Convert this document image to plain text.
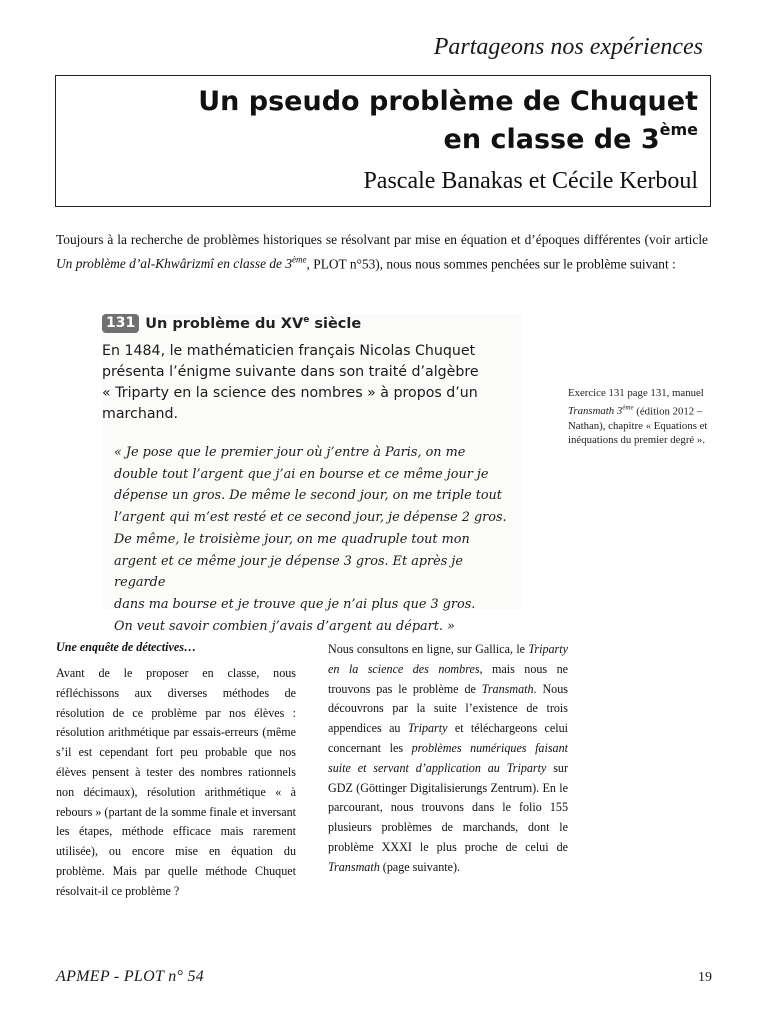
Partageons nos expériences
Un pseudo problème de Chuquet
en classe de 3ème
Pascale Banakas et Cécile Kerboul

Toujours à la recherche de problèmes historiques se résolvant par mise en équation et d’époques différentes (voir article Un problème d’al-Khwârizmî en classe de 3ème, PLOT n°53), nous nous sommes penchées sur le problème suivant :

131 Un problème du XVe siècle

En 1484, le mathématicien français Nicolas Chuquet
présenta l’énigme suivante dans son traité d’algèbre
« Triparty en la science des nombres » à propos d’un
marchand.

« Je pose que le premier jour où j’entre à Paris, on me
double tout l’argent que j’ai en bourse et ce même jour je
dépense un gros. De même le second jour, on me triple tout
l’argent qui m’est resté et ce second jour, je dépense 2 gros.
De même, le troisième jour, on me quadruple tout mon
argent et ce même jour je dépense 3 gros. Et après je regarde
dans ma bourse et je trouve que je n’ai plus que 3 gros.
On veut savoir combien j’avais d’argent au départ. »

Exercice 131 page 131, manuel Transmath 3ème (édition 2012 – Nathan), chapitre « Equations et inéquations du premier degré ».

Une enquête de détectives…

Avant de le proposer en classe, nous réfléchissons aux diverses méthodes de résolution de ce problème par nos élèves : résolution arithmétique par essais-erreurs (même s’il est cependant fort peu probable que nos élèves pensent à tester des nombres rationnels non décimaux), résolution arithmétique « à rebours » (partant de la somme finale et inversant les étapes, méthode efficace mais rarement utilisée), ou encore mise en équation du problème. Mais par quelle méthode Chuquet résolvait-il ce problème ?

Nous consultons en ligne, sur Gallica, le Triparty en la science des nombres, mais nous ne trouvons pas le problème de Transmath. Nous découvrons par la suite l’existence de trois appendices au Triparty et téléchargeons celui concernant les problèmes numériques faisant suite et servant d’application au Triparty sur GDZ (Göttinger Digitalisierungs Zentrum). En le parcourant, nous trouvons dans le folio 155 plusieurs problèmes de marchands, dont le problème XXXI le plus proche de celui de Transmath (page suivante).

APMEP - PLOT n° 54	19
